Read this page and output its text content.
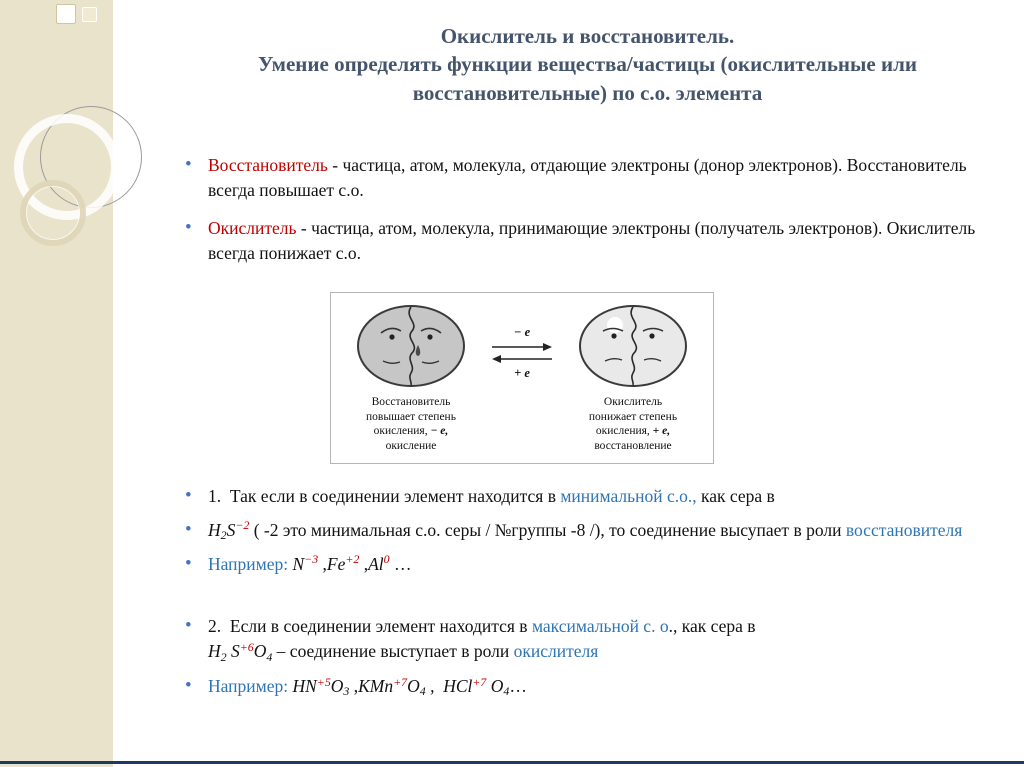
Окислитель и восстановитель.
Умение определять функции вещества/частицы (окислительные или восстановительные) по с.о. элемента
• Восстановитель - частица, атом, молекула, отдающие электроны (донор электронов). Восстановитель всегда повышает с.о.
• Окислитель - частица, атом, молекула, принимающие электроны (получатель электронов). Окислитель всегда понижает с.о.
Восстановитель
повышает степень
окисления, − е,
окисление
− e
+ e
Окислитель
понижает степень
окисления, + е,
восстановление
• 1.  Так если в соединении элемент находится в минимальной с.о., как сера в
• $H_2S^{-2}$ ( -2 это минимальная с.о. серы / №группы -8 /), то соединение высупает в роли восстановителя
• Например: $N^{-3}$ $,Fe^{+2}$ ,Al$^0$ …
• 2.  Если в соединении элемент находится в максимальной с. о., как сера в
$H_2$ $S^{+6}O_4$ – соединение выступает в роли окислителя
• Например: $HN^{+5}O_3$ $,KMn^{+7}O_4$ ,  HCl$^{+7}$ $O_4\dots$
